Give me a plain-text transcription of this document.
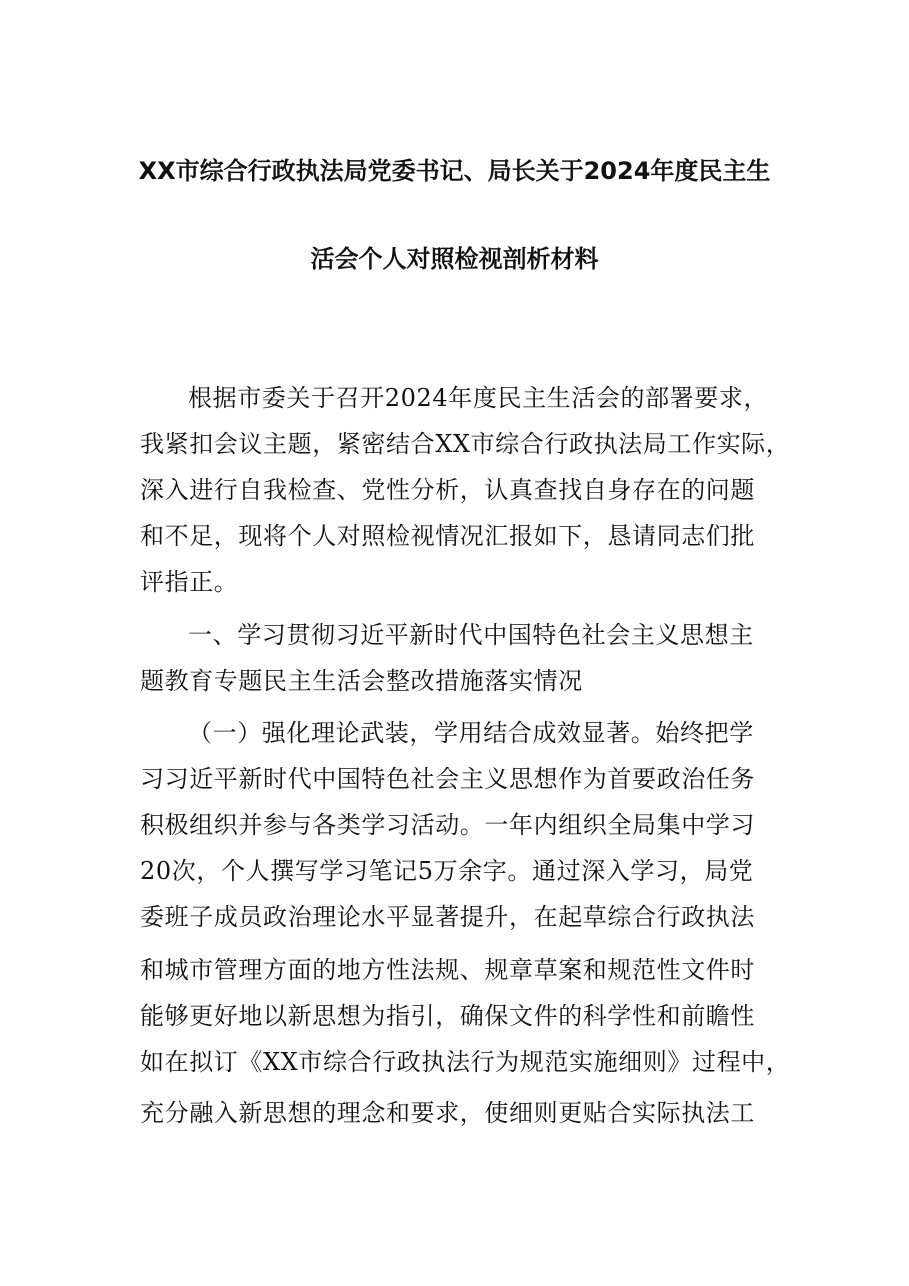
XX市综合行政执法局党委书记、局长关于2024年度民主生
活会个人对照检视剖析材料
根据市委关于召开2024年度民主生活会的部署要求，
我紧扣会议主题，紧密结合XX市综合行政执法局工作实际，
深入进行自我检查、党性分析，认真查找自身存在的问题
和不足，现将个人对照检视情况汇报如下，恳请同志们批
评指正。
一、学习贯彻习近平新时代中国特色社会主义思想主
题教育专题民主生活会整改措施落实情况
（一）强化理论武装，学用结合成效显著。始终把学
习习近平新时代中国特色社会主义思想作为首要政治任务
积极组织并参与各类学习活动。一年内组织全局集中学习
20次，个人撰写学习笔记5万余字。通过深入学习，局党
委班子成员政治理论水平显著提升，在起草综合行政执法
和城市管理方面的地方性法规、规章草案和规范性文件时
能够更好地以新思想为指引，确保文件的科学性和前瞻性
如在拟订《XX市综合行政执法行为规范实施细则》过程中，
充分融入新思想的理念和要求，使细则更贴合实际执法工
